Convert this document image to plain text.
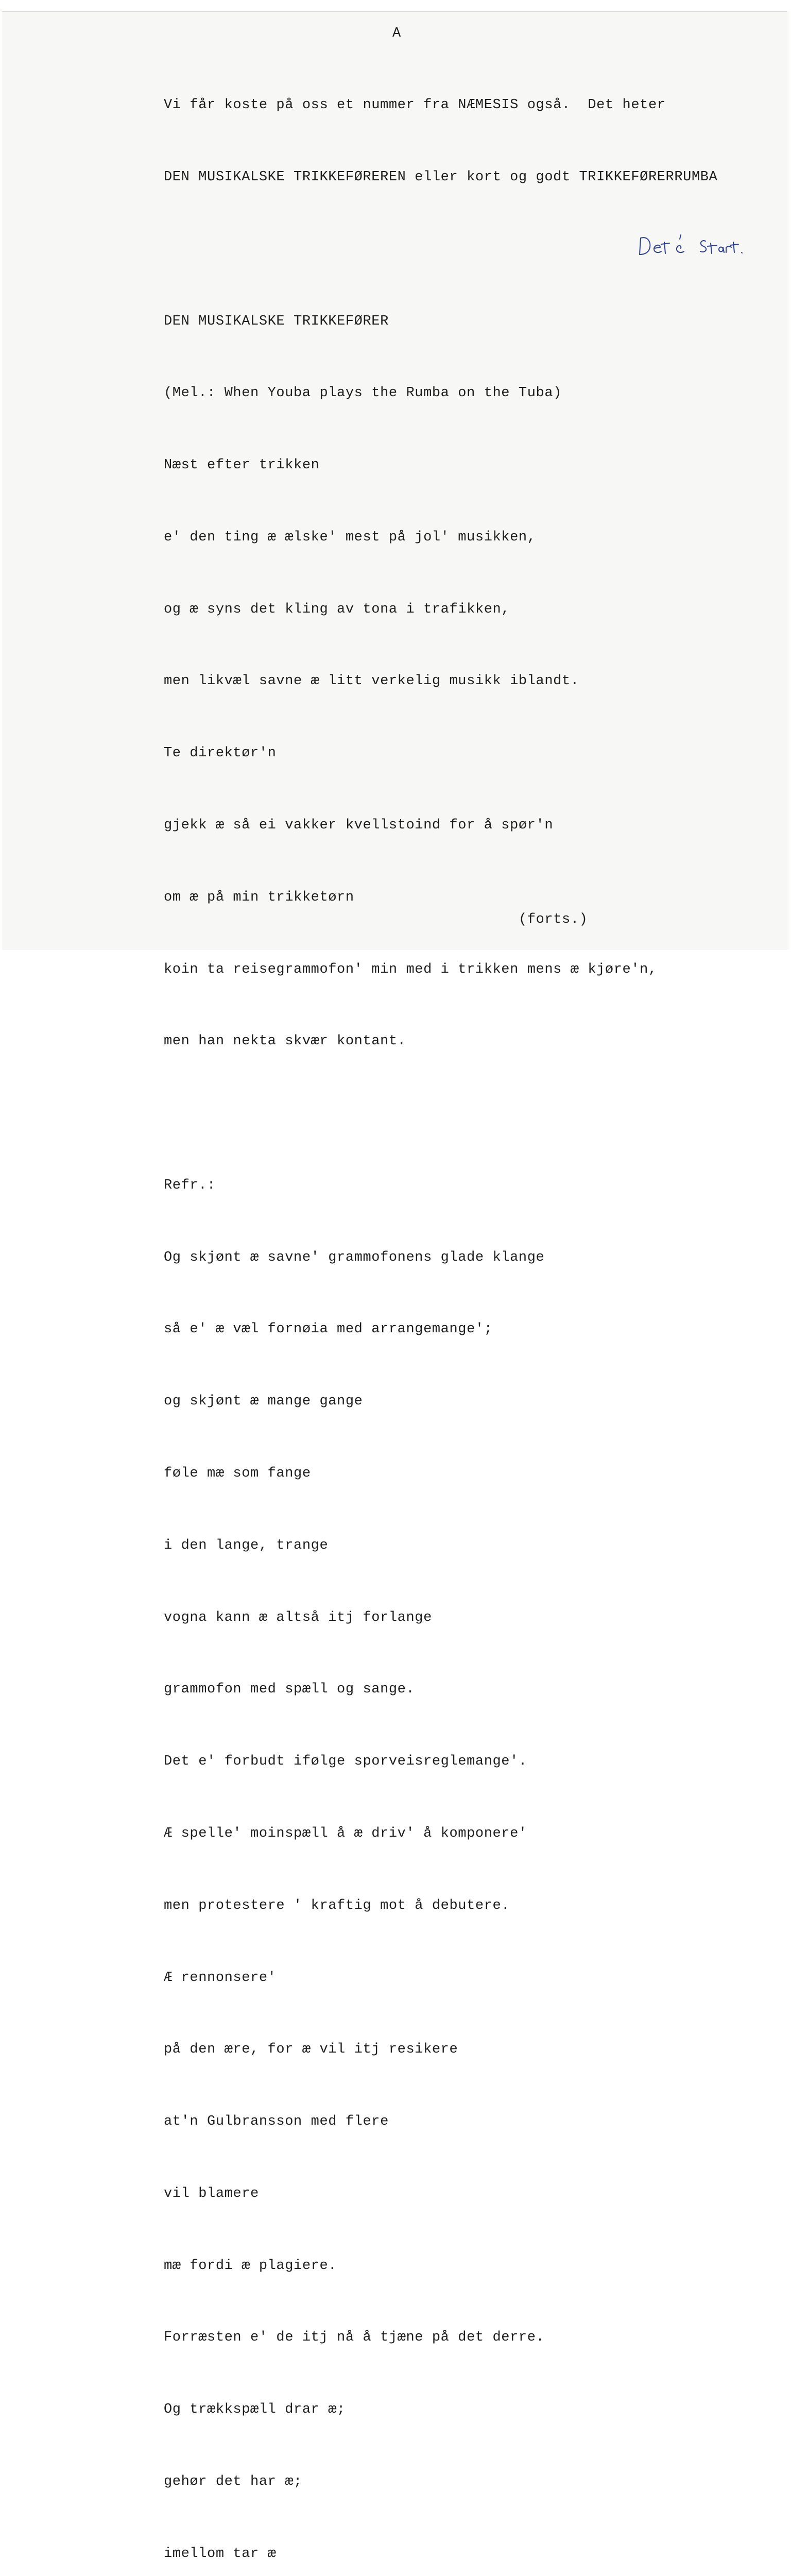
A

Vi får koste på oss et nummer fra NÆMESIS også.  Det heter

DEN MUSIKALSKE TRIKKEFØREREN eller kort og godt TRIKKEFØRERRUMBA

DEN MUSIKALSKE TRIKKEFØRER

(Mel.: When Youba plays the Rumba on the Tuba)

Næst efter trikken

e' den ting æ ælske' mest på jol' musikken,

og æ syns det kling av tona i trafikken,

men likvæl savne æ litt verkelig musikk iblandt.

Te direktør'n

gjekk æ så ei vakker kvellstoind for å spør'n

om æ på min trikketørn

koin ta reisegrammofon' min med i trikken mens æ kjøre'n,

men han nekta skvær kontant.

Refr.:

Og skjønt æ savne' grammofonens glade klange

så e' æ væl fornøia med arrangemange';

og skjønt æ mange gange

føle mæ som fange

i den lange, trange

vogna kann æ altså itj forlange

grammofon med spæll og sange.

Det e' forbudt ifølge sporveisreglemange'.

Æ spelle' moinspæll å æ driv' å komponere'

men protestere ' kraftig mot å debutere.

Æ rennonsere'

på den ære, for æ vil itj resikere

at'n Gulbransson med flere

vil blamere

mæ fordi æ plagiere.

Forræsten e' de itj nå å tjæne på det derre.

Og trækkspæll drar æ;

gehør det har æ;

imellom tar æ

(forts.)
